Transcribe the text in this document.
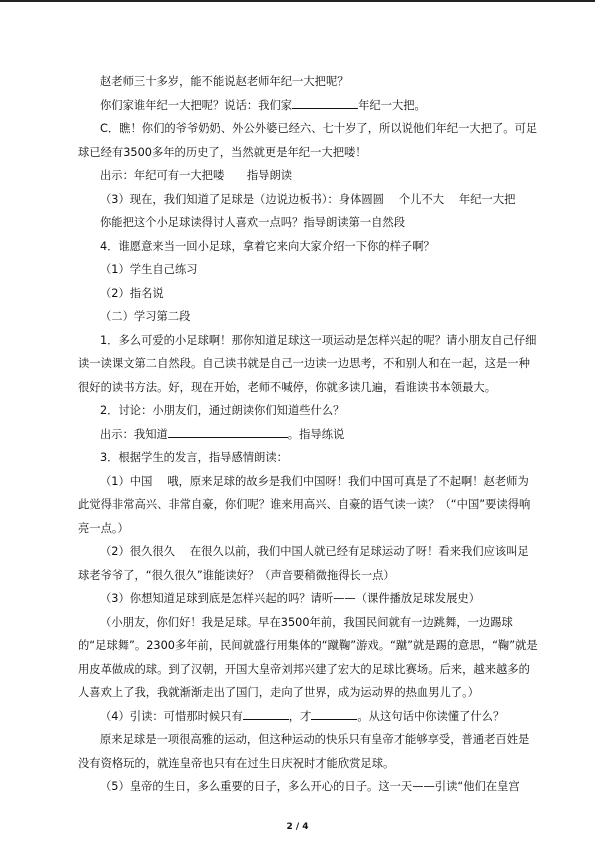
赵老师三十多岁，能不能说赵老师年纪一大把呢？

你们家谁年纪一大把呢？说话：我们家	年纪一大把。

C．瞧！你们的爷爷奶奶、外公外婆已经六、七十岁了，所以说他们年纪一大把了。可足球已经有3500多年的历史了，当然就更是年纪一大把喽！

出示：年纪可有一大把喽　　指导朗读

（3）现在，我们知道了足球是（边说边板书）：身体圆圆　 个儿不大　 年纪一大把

你能把这个小足球读得讨人喜欢一点吗？指导朗读第一自然段

4．谁愿意来当一回小足球，拿着它来向大家介绍一下你的样子啊？

（1）学生自己练习

（2）指名说

（二）学习第二段

1．多么可爱的小足球啊！那你知道足球这一项运动是怎样兴起的呢？请小朋友自己仔细读一读课文第二自然段。自己读书就是自己一边读一边思考，不和别人和在一起，这是一种很好的读书方法。好，现在开始，老师不喊停，你就多读几遍，看谁读书本领最大。

2．讨论：小朋友们，通过朗读你们知道些什么？

出示：我知道	。指导练说

3．根据学生的发言，指导感情朗读：

（1）中国　 哦，原来足球的故乡是我们中国呀！我们中国可真是了不起啊！赵老师为此觉得非常高兴、非常自豪，你们呢？谁来用高兴、自豪的语气读一读？（“中国”要读得响亮一点。）

（2）很久很久　 在很久以前，我们中国人就已经有足球运动了呀！看来我们应该叫足球老爷爷了，“很久很久”谁能读好？（声音要稍微拖得长一点）

（3）你想知道足球到底是怎样兴起的吗？请听——（课件播放足球发展史）

（小朋友，你们好！我是足球。早在3500年前，我国民间就有一边跳舞，一边踢球的“足球舞”。2300多年前，民间就盛行用集体的“蹴鞠”游戏。“蹴”就是踢的意思，“鞠”就是用皮革做成的球。到了汉朝，开国大皇帝刘邦兴建了宏大的足球比赛场。后来，越来越多的人喜欢上了我，我就渐渐走出了国门，走向了世界，成为运动界的热血男儿了。）

（4）引读：可惜那时候只有	，才	。从这句话中你读懂了什么？

原来足球是一项很高雅的运动，但这种运动的快乐只有皇帝才能够享受，普通老百姓是没有资格玩的，就连皇帝也只有在过生日庆祝时才能欣赏足球。

（5）皇帝的生日，多么重要的日子，多么开心的日子。这一天——引读“他们在皇宫

2 / 4
